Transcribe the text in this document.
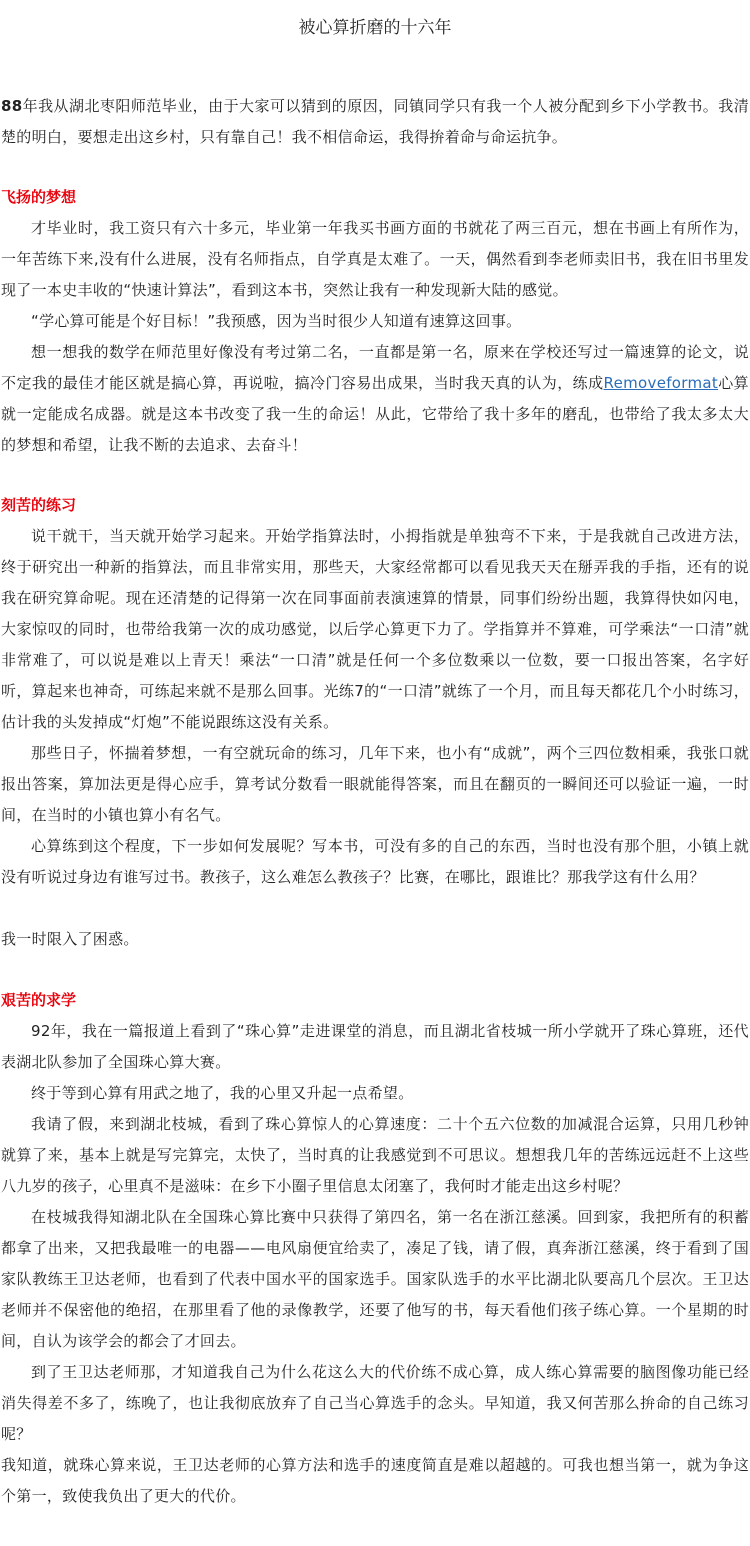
被心算折磨的十六年

88年我从湖北枣阳师范毕业，由于大家可以猜到的原因，同镇同学只有我一个人被分配到乡下小学教书。我清楚的明白，要想走出这乡村，只有靠自己！我不相信命运，我得拚着命与命运抗争。

飞扬的梦想

才毕业时，我工资只有六十多元，毕业第一年我买书画方面的书就花了两三百元，想在书画上有所作为，一年苦练下来,没有什么进展，没有名师指点，自学真是太难了。一天，偶然看到李老师卖旧书，我在旧书里发现了一本史丰收的“快速计算法”，看到这本书，突然让我有一种发现新大陆的感觉。

“学心算可能是个好目标！”我预感，因为当时很少人知道有速算这回事。

想一想我的数学在师范里好像没有考过第二名，一直都是第一名，原来在学校还写过一篇速算的论文，说不定我的最佳才能区就是搞心算，再说啦，搞冷门容易出成果，当时我天真的认为，练成Removeformat心算就一定能成名成器。就是这本书改变了我一生的命运！从此，它带给了我十多年的磨乱，也带给了我太多太大的梦想和希望，让我不断的去追求、去奋斗！

刻苦的练习

说干就干，当天就开始学习起来。开始学指算法时，小拇指就是单独弯不下来，于是我就自己改进方法，终于研究出一种新的指算法，而且非常实用，那些天，大家经常都可以看见我天天在掰弄我的手指，还有的说我在研究算命呢。现在还清楚的记得第一次在同事面前表演速算的情景，同事们纷纷出题，我算得快如闪电，大家惊叹的同时，也带给我第一次的成功感觉，以后学心算更下力了。学指算并不算难，可学乘法“一口清”就非常难了，可以说是难以上青天！乘法“一口清”就是任何一个多位数乘以一位数，要一口报出答案，名字好听，算起来也神奇，可练起来就不是那么回事。光练7的“一口清”就练了一个月，而且每天都花几个小时练习，估计我的头发掉成“灯炮”不能说跟练这没有关系。

那些日子，怀揣着梦想，一有空就玩命的练习，几年下来，也小有“成就”，两个三四位数相乘，我张口就报出答案，算加法更是得心应手，算考试分数看一眼就能得答案，而且在翻页的一瞬间还可以验证一遍，一时间，在当时的小镇也算小有名气。

心算练到这个程度，下一步如何发展呢？写本书，可没有多的自己的东西，当时也没有那个胆，小镇上就没有听说过身边有谁写过书。教孩子，这么难怎么教孩子？比赛，在哪比，跟谁比？那我学这有什么用？

我一时限入了困惑。

艰苦的求学

92年，我在一篇报道上看到了“珠心算”走进课堂的消息，而且湖北省枝城一所小学就开了珠心算班，还代表湖北队参加了全国珠心算大赛。

终于等到心算有用武之地了，我的心里又升起一点希望。

我请了假，来到湖北枝城，看到了珠心算惊人的心算速度：二十个五六位数的加减混合运算，只用几秒钟就算了来，基本上就是写完算完，太快了，当时真的让我感觉到不可思议。想想我几年的苦练远远赶不上这些八九岁的孩子，心里真不是滋味：在乡下小圈子里信息太闭塞了，我何时才能走出这乡村呢？

在枝城我得知湖北队在全国珠心算比赛中只获得了第四名，第一名在浙江慈溪。回到家，我把所有的积蓄都拿了出来，又把我最唯一的电器——电风扇便宜给卖了，凑足了钱，请了假，真奔浙江慈溪，终于看到了国家队教练王卫达老师，也看到了代表中国水平的国家选手。国家队选手的水平比湖北队要高几个层次。王卫达老师并不保密他的绝招，在那里看了他的录像教学，还要了他写的书，每天看他们孩子练心算。一个星期的时间，自认为该学会的都会了才回去。

到了王卫达老师那，才知道我自己为什么花这么大的代价练不成心算，成人练心算需要的脑图像功能已经消失得差不多了，练晚了，也让我彻底放弃了自己当心算选手的念头。早知道，我又何苦那么拚命的自己练习呢？

我知道，就珠心算来说，王卫达老师的心算方法和选手的速度简直是难以超越的。可我也想当第一，就为争这个第一，致使我负出了更大的代价。
